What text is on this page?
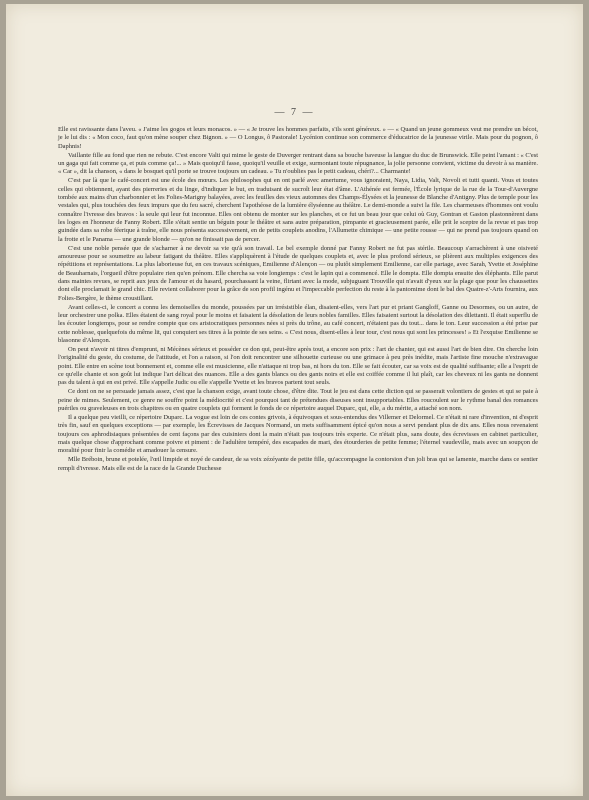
— 7 —

Elle est ravissante dans l'aveu. « J'aime les gogos et leurs monacos. » — « Je trouve les hommes parfaits, s'ils sont généreux. » — « Quand un jeune gommeux veut me prendre un bécot, je le lui dis : « Mon coco, faut qu'on mène souper chez Bignon. » — O Longus, ô Pastorale! Lycénion continue son commerce d'éducatrice de la jeunesse virile. Mais pour du pognon, ô Daphnis!

Vaillante fille au fond que rien ne rebute. C'est encore Valti qui mime le geste de Duverger rentrant dans sa bouche baveuse la langue du duc de Brunswick. Elle peint l'amant : « C'est un gaga qui fait comme ça, et puis comme ça!... » Mais quoiqu'il fasse, quoiqu'il veuille et exige, surmontant toute répugnance, la jolie personne convient, victime du devoir à sa manière. « Car », dit la chanson, « dans le bosquet qu'il porte se trouve toujours un cadeau. » Tu n'oublies pas le petit cadeau, chéri?... Charmante!

C'est par là que le café-concert est une école des mœurs. Les philosophes qui en ont parlé avec amertume, vous ignoraient, Naya, Lidia, Valt, Novoli et tutti quanti. Vous et toutes celles qui obtiennent, ayant des pierreries et du linge, d'indiquer le but, en traduisant de sucroît leur état d'âme. L'Athénée est fermée, l'École lyrique de la rue de la Tour-d'Auvergne tombée aux mains d'un charbonnier et les Folies-Marigny balayées, avec les feuilles des vieux automnes des Champs-Élysées et la jeunesse de Blanche d'Antigny. Plus de temple pour les vestales qui, plus touchées des feux impurs que du feu sacré, cherchent l'apothéose de la lumière élyséenne au théâtre. Le demi-monde a suivi la file. Les charmeuses d'hommes ont voulu connaître l'ivresse des bravos : la seule qui leur fut inconnue. Elles ont obtenu de monter sur les planches, et ce fut un beau jour que celui où Guy, Gontran et Gaston plastonnèrent dans les loges en l'honneur de Fanny Robert. Elle s'était sentie un béguin pour le théâtre et sans autre préparation, pimpante et gracieusement parée, elle prit le sceptre de la revue et pas trop guindée dans sa robe féerique à traîne, elle nous présenta successivement, en de petits couplets anodins, l'Allumette chimique — une petite rousse — qui ne prend pas toujours quand on la frotte et le Panama — une grande blonde — qu'on ne finissait pas de percer.

C'est une noble pensée que de s'acharner à ne devoir sa vie qu'à son travail. Le bel exemple donné par Fanny Robert ne fut pas stérile. Beaucoup s'arrachèrent à une oisiveté amoureuse pour se soumettre au labeur fatigant du théâtre. Elles s'appliquèrent à l'étude de quelques couplets et, avec le plus profond sérieux, se plièrent aux multiples exigences des répétitions et représentations. La plus laborieuse fut, en ces travaux scéniques, Emilienne d'Alençon — ou plutôt simplement Emilienne, car elle partage, avec Sarah, Yvette et Joséphine de Beauharnais, l'orgueil d'être populaire rien qu'en prénom. Elle chercha sa voie longtemps : c'est le lapin qui a commencé. Elle le dompta. Elle dompta ensuite des éléphants. Elle parut dans maintes revues, se reprit aux jeux de l'amour et du hasard, pourchassant la veine, flirtant avec la mode, subjuguant Trouville qui n'avait d'yeux sur la plage que pour les chaussettes dont elle proclamait le grand chic. Elle revient collaborer pour la grâce de son profil ingénu et l'impeccable perfection du reste à la pantomime dont le bal des Quatre-z'-Arts fournira, aux Folies-Bergère, le thème croustillant.

Avant celles-ci, le concert a connu les demoiselles du monde, poussées par un irrésistible élan, disaient-elles, vers l'art pur et priant Gangloff, Ganne ou Desormes, ou un autre, de leur orchestrer une polka. Elles étaient de sang royal pour le moins et faisaient la désolation de leurs nobles familles. Elles faisaient surtout la désolation des dilettanti. Il était superflu de les écouter longtemps, pour se rendre compte que ces aristocratiques personnes nées si près du trône, au café concert, n'étaient pas du tout... dans le ton. Leur succession a été prise par cette noblesse, quelquefois du même lit, qui conquiert ses titres à la pointe de ses seins. « C'est nous, disent-elles à leur tour, c'est nous qui sont les princesses! » Et l'exquise Emilienne se blasonne d'Alençon.

On peut n'avoir ni titres d'emprunt, ni Mécènes sérieux et posséder ce don qui, peut-être après tout, a encore son prix : l'art de chanter, qui est aussi l'art de bien dire. On cherche loin l'originalité du geste, du costume, de l'attitude, et l'on a raison, si l'on doit rencontrer une silhouette curieuse ou une grimace à peu près inédite, mais l'artiste fine mouche n'extravague point. Elle entre en scène tout bonnement et, comme elle est musicienne, elle n'attaque ni trop bas, ni hors du ton. Elle se fait écouter, car sa voix est de qualité suffisante; elle a l'esprit de ce qu'elle chante et son goût lui indique l'art délicat des nuances. Elle a des gants blancs ou des gants noirs et elle est coiffée comme il lui plaît, car les cheveux ni les gants ne donnent pas du talent à qui en est privé. Elle s'appelle Judic ou elle s'appelle Yvette et les bravos partent tout seuls.

Ce dont on ne se persuade jamais assez, c'est que la chanson exige, avant toute chose, d'être dite. Tout le jeu est dans cette diction qui se passerait volontiers de gestes et qui se paie à peine de mimes. Seulement, ce genre ne souffre point la médiocrité et c'est pourquoi tant de prétendues diseuses sont insupportables. Elles roucoulent sur le rythme banal des romances puériles ou graveleuses en trois chapitres ou en quatre couplets qui forment le fonds de ce répertoire auquel Duparc, qui, elle, a du mérite, a attaché son nom.

Il a quelque peu vieilli, ce répertoire Duparc. La vogue est loin de ces contes grivois, à équivoques et sous-entendus des Villemer et Delormel. Ce n'était ni rare d'invention, ni d'esprit très fin, sauf en quelques exceptions — par exemple, les Écrevisses de Jacques Normand, un mets suffisamment épicé qu'on nous a servi pendant plus de dix ans. Elles nous revenaient toujours ces aphrodisiaques présentées de cent façons par des cuisiniers dont la main n'était pas toujours très experte. Ce n'était plus, sans doute, des écrevisses en cabinet particulier, mais quelque chose d'approchant comme poivre et piment : de l'adultère tempéré, des escapades de mari, des étourderies de petite femme; l'éternel vaudeville, mais avec un soupçon de moralité pour finir la comédie et amadouer la censure.

Mlle Bréboin, brune et potelée, l'œil limpide et noyé de candeur, de sa voix zézéyante de petite fille, qu'accompagne la contorsion d'un joli bras qui se lamente, marche dans ce sentier rempli d'ivresse. Mais elle est de la race de la Grande Duchesse
